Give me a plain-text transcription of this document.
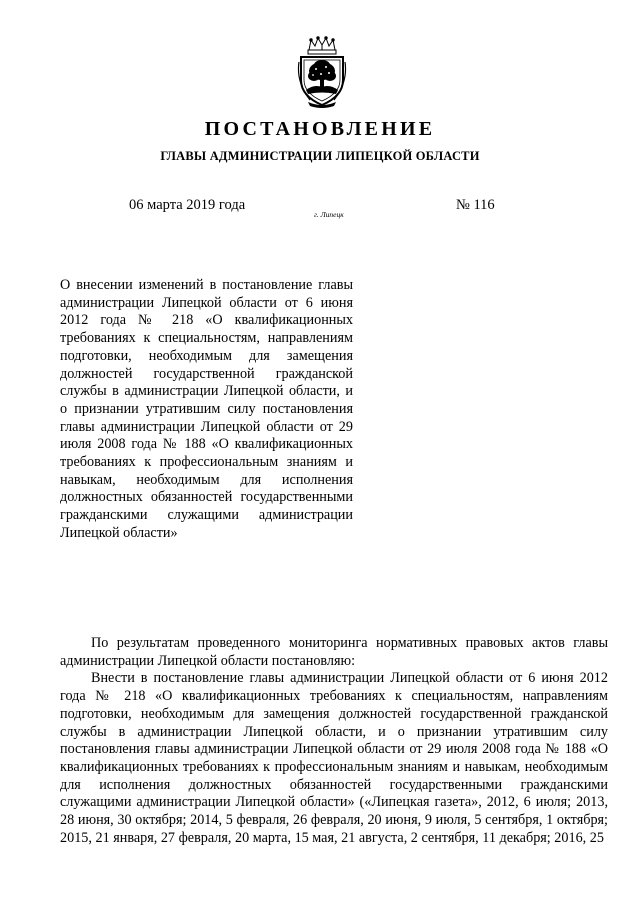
ПОСТАНОВЛЕНИЕ
ГЛАВЫ АДМИНИСТРАЦИИ ЛИПЕЦКОЙ ОБЛАСТИ
06 марта 2019 года
г. Липецк
№ 116
О внесении изменений в постановление главы администрации Липецкой области от 6 июня 2012 года № 218 «О квалификационных требованиях к специальностям, направлениям подготовки, необходимым для замещения должностей государственной гражданской службы в администрации Липецкой области, и о признании утратившим силу постановления главы администрации Липецкой области от 29 июля 2008 года № 188 «О квалификационных требованиях к профессиональным знаниям и навыкам, необходимым для исполнения должностных обязанностей государственными гражданскими служащими администрации Липецкой области»

По результатам проведенного мониторинга нормативных правовых актов главы администрации Липецкой области постановляю:

Внести в постановление главы администрации Липецкой области от 6 июня 2012 года № 218 «О квалификационных требованиях к специальностям, направлениям подготовки, необходимым для замещения должностей государственной гражданской службы в администрации Липецкой области, и о признании утратившим силу постановления главы администрации Липецкой области от 29 июля 2008 года № 188 «О квалификационных требованиях к профессиональным знаниям и навыкам, необходимым для исполнения должностных обязанностей государственными гражданскими служащими администрации Липецкой области» («Липецкая газета», 2012, 6 июля; 2013, 28 июня, 30 октября; 2014, 5 февраля, 26 февраля, 20 июня, 9 июля, 5 сентября, 1 октября; 2015, 21 января, 27 февраля, 20 марта, 15 мая, 21 августа, 2 сентября, 11 декабря; 2016, 25
